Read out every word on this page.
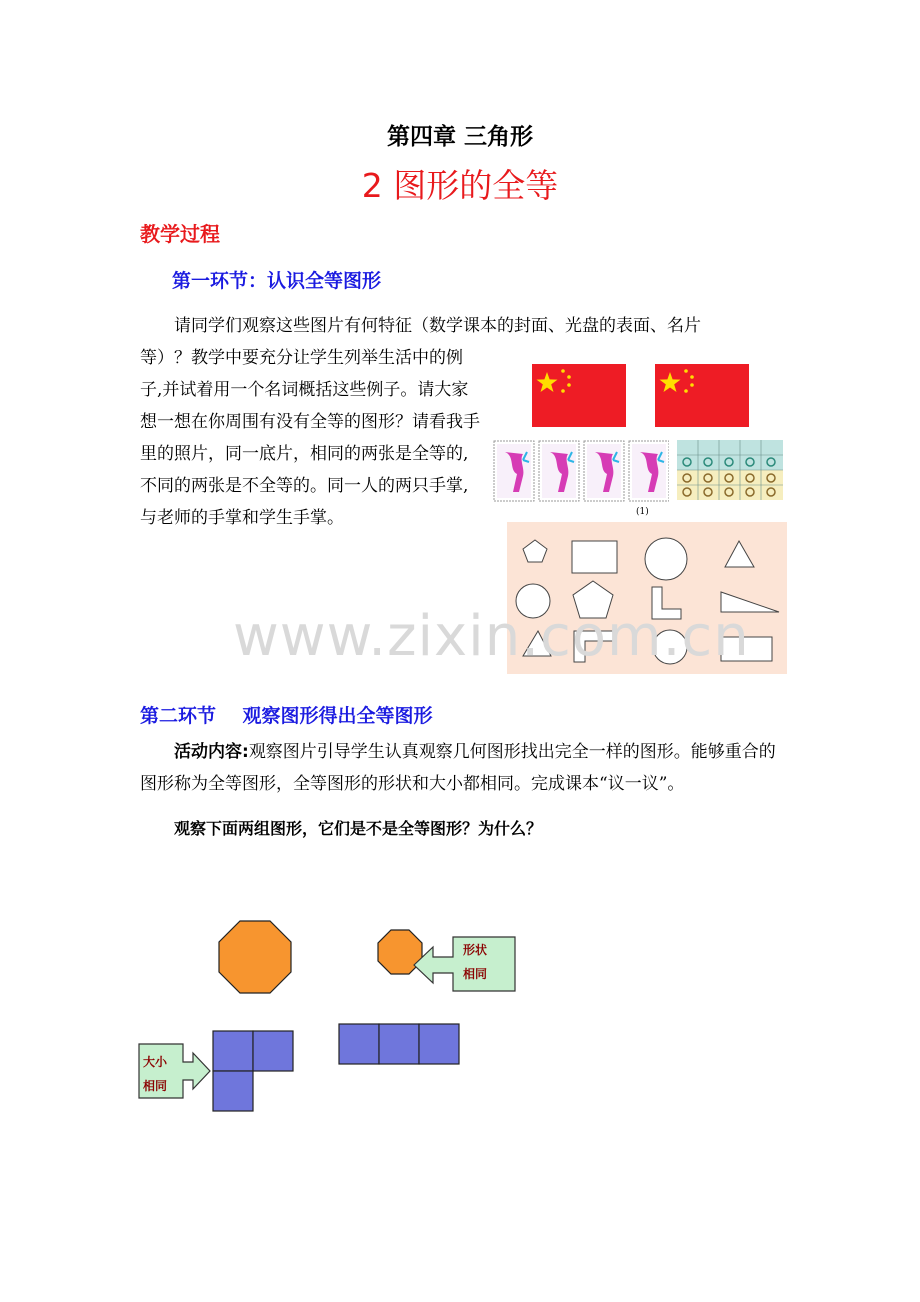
第四章 三角形
2 图形的全等
教学过程
第一环节：认识全等图形
请同学们观察这些图片有何特征（数学课本的封面、光盘的表面、名片
等）？教学中要充分让学生列举生活中的例子,并试着用一个名词概括这些例子。请大家想一想在你周围有没有全等的图形？请看我手里的照片，同一底片，相同的两张是全等的,不同的两张是不全等的。同一人的两只手掌,与老师的手掌和学生手掌。	(1)
www.zixin.com.cn
第二环节    观察图形得出全等图形
活动内容:观察图片引导学生认真观察几何图形找出完全一样的图形。能够重合的图形称为全等图形，全等图形的形状和大小都相同。完成课本“议一议”。
观察下面两组图形，它们是不是全等图形？为什么？
形状
相同
大小
相同
